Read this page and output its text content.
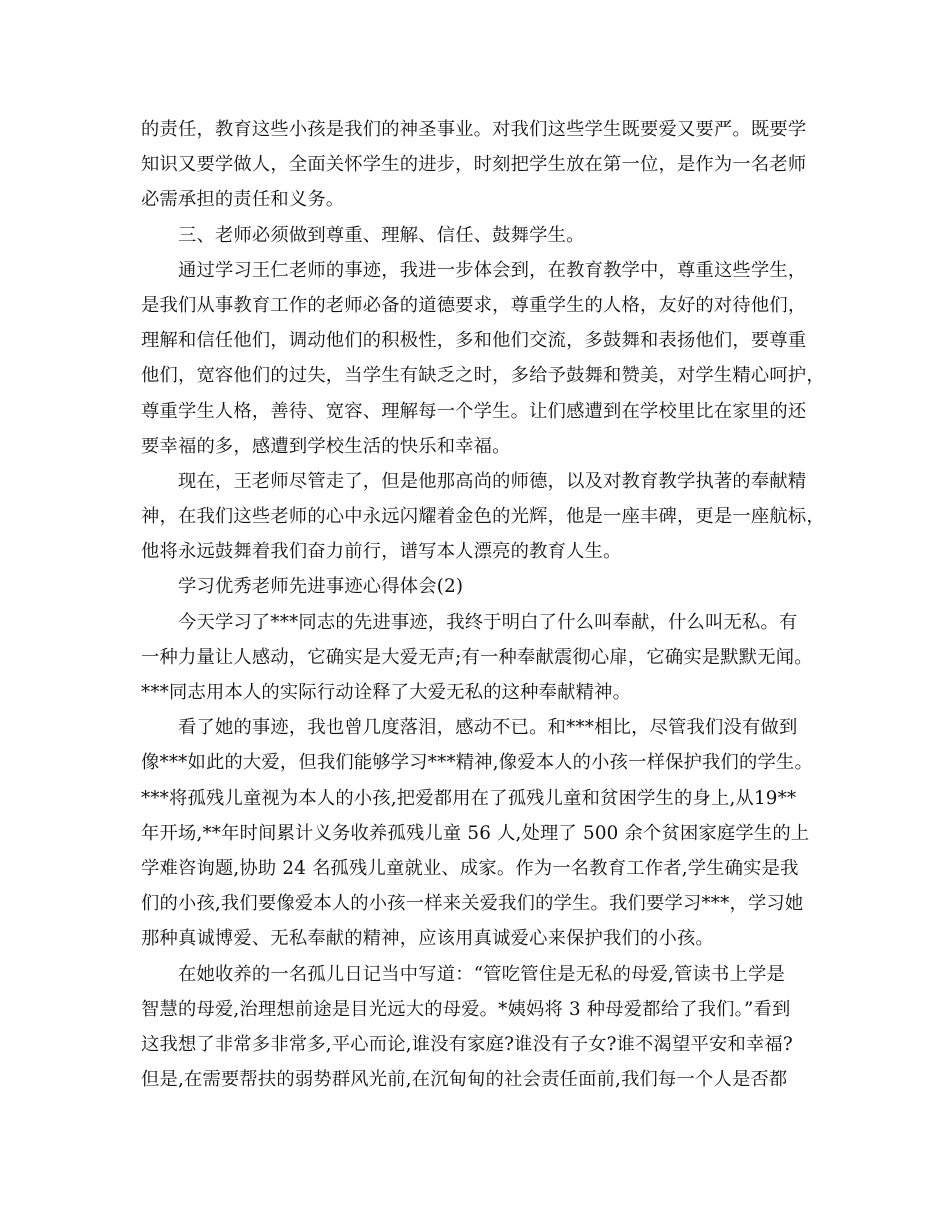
的责任，教育这些小孩是我们的神圣事业。对我们这些学生既要爱又要严。既要学
知识又要学做人，全面关怀学生的进步，时刻把学生放在第一位，是作为一名老师
必需承担的责任和义务。
三、老师必须做到尊重、理解、信任、鼓舞学生。
通过学习王仁老师的事迹，我进一步体会到，在教育教学中，尊重这些学生，
是我们从事教育工作的老师必备的道德要求，尊重学生的人格，友好的对待他们，
理解和信任他们，调动他们的积极性，多和他们交流，多鼓舞和表扬他们，要尊重
他们，宽容他们的过失，当学生有缺乏之时，多给予鼓舞和赞美，对学生精心呵护，
尊重学生人格，善待、宽容、理解每一个学生。让们感遭到在学校里比在家里的还
要幸福的多，感遭到学校生活的快乐和幸福。
现在，王老师尽管走了，但是他那高尚的师德，以及对教育教学执著的奉献精
神，在我们这些老师的心中永远闪耀着金色的光辉，他是一座丰碑，更是一座航标，
他将永远鼓舞着我们奋力前行，谱写本人漂亮的教育人生。
学习优秀老师先进事迹心得体会(2)
今天学习了***同志的先进事迹，我终于明白了什么叫奉献，什么叫无私。有
一种力量让人感动，它确实是大爱无声;有一种奉献震彻心扉，它确实是默默无闻。
***同志用本人的实际行动诠释了大爱无私的这种奉献精神。
看了她的事迹，我也曾几度落泪，感动不已。和***相比，尽管我们没有做到
像***如此的大爱，但我们能够学习***精神,像爱本人的小孩一样保护我们的学生。
***将孤残儿童视为本人的小孩,把爱都用在了孤残儿童和贫困学生的身上,从19**
年开场,**年时间累计义务收养孤残儿童 56 人,处理了 500 余个贫困家庭学生的上
学难咨询题,协助 24 名孤残儿童就业、成家。作为一名教育工作者,学生确实是我
们的小孩,我们要像爱本人的小孩一样来关爱我们的学生。我们要学习***，学习她
那种真诚博爱、无私奉献的精神，应该用真诚爱心来保护我们的小孩。
在她收养的一名孤儿日记当中写道：“管吃管住是无私的母爱,管读书上学是
智慧的母爱,治理想前途是目光远大的母爱。*姨妈将 3 种母爱都给了我们。”看到
这我想了非常多非常多,平心而论,谁没有家庭?谁没有子女?谁不渴望平安和幸福?
但是,在需要帮扶的弱势群风光前,在沉甸甸的社会责任面前,我们每一个人是否都
